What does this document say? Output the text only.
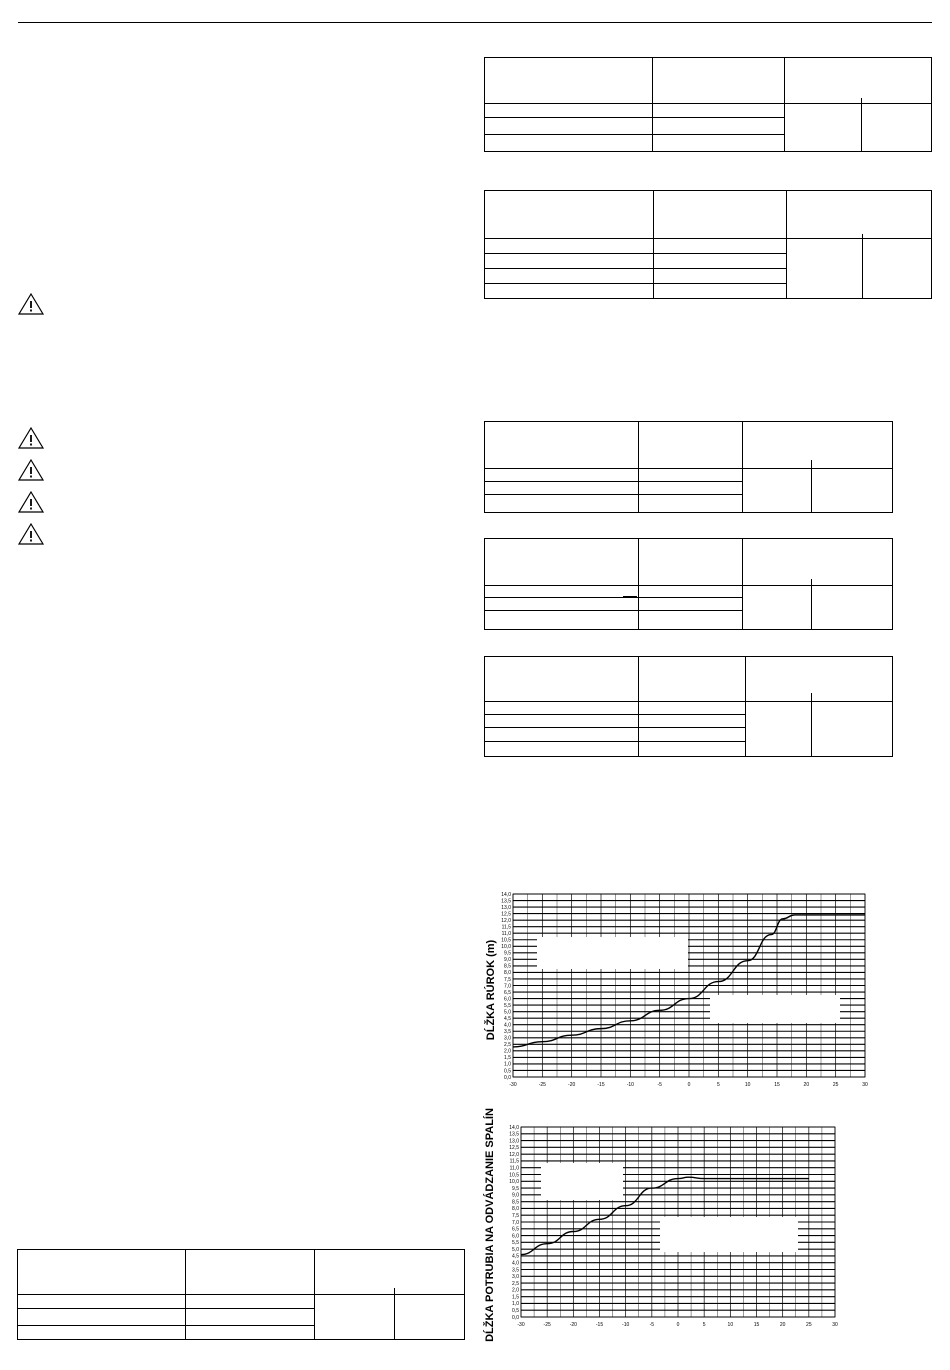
DĹŽKA RÚROK (m)
0,0
0,5
1,0
1,5
2,0
2,5
3,0
3,5
4,0
4,5
5,0
5,5
6,0
6,5
7,0
7,5
8,0
8,5
9,0
9,5
10,0
10,5
11,0
11,5
12,0
12,5
13,0
13,5
14,0
-30	-25	-20	-15	-10	-5	0	5	10	15	20	25	30
DĹŽKA POTRUBIA NA ODVÁDZANIE SPALÍN	0,0
0,5
1,0
1,5
2,0
2,5
3,0
3,5
4,0
4,5
5,0
5,5
6,0
6,5
7,0
7,5
8,0
8,5
9,0
9,5
10,0
10,5
11,0
11,5
12,0
12,5
13,0
13,5
14,0
-30	-25	-20	-15	-10	-5	0	5	10	15	20	25	30
